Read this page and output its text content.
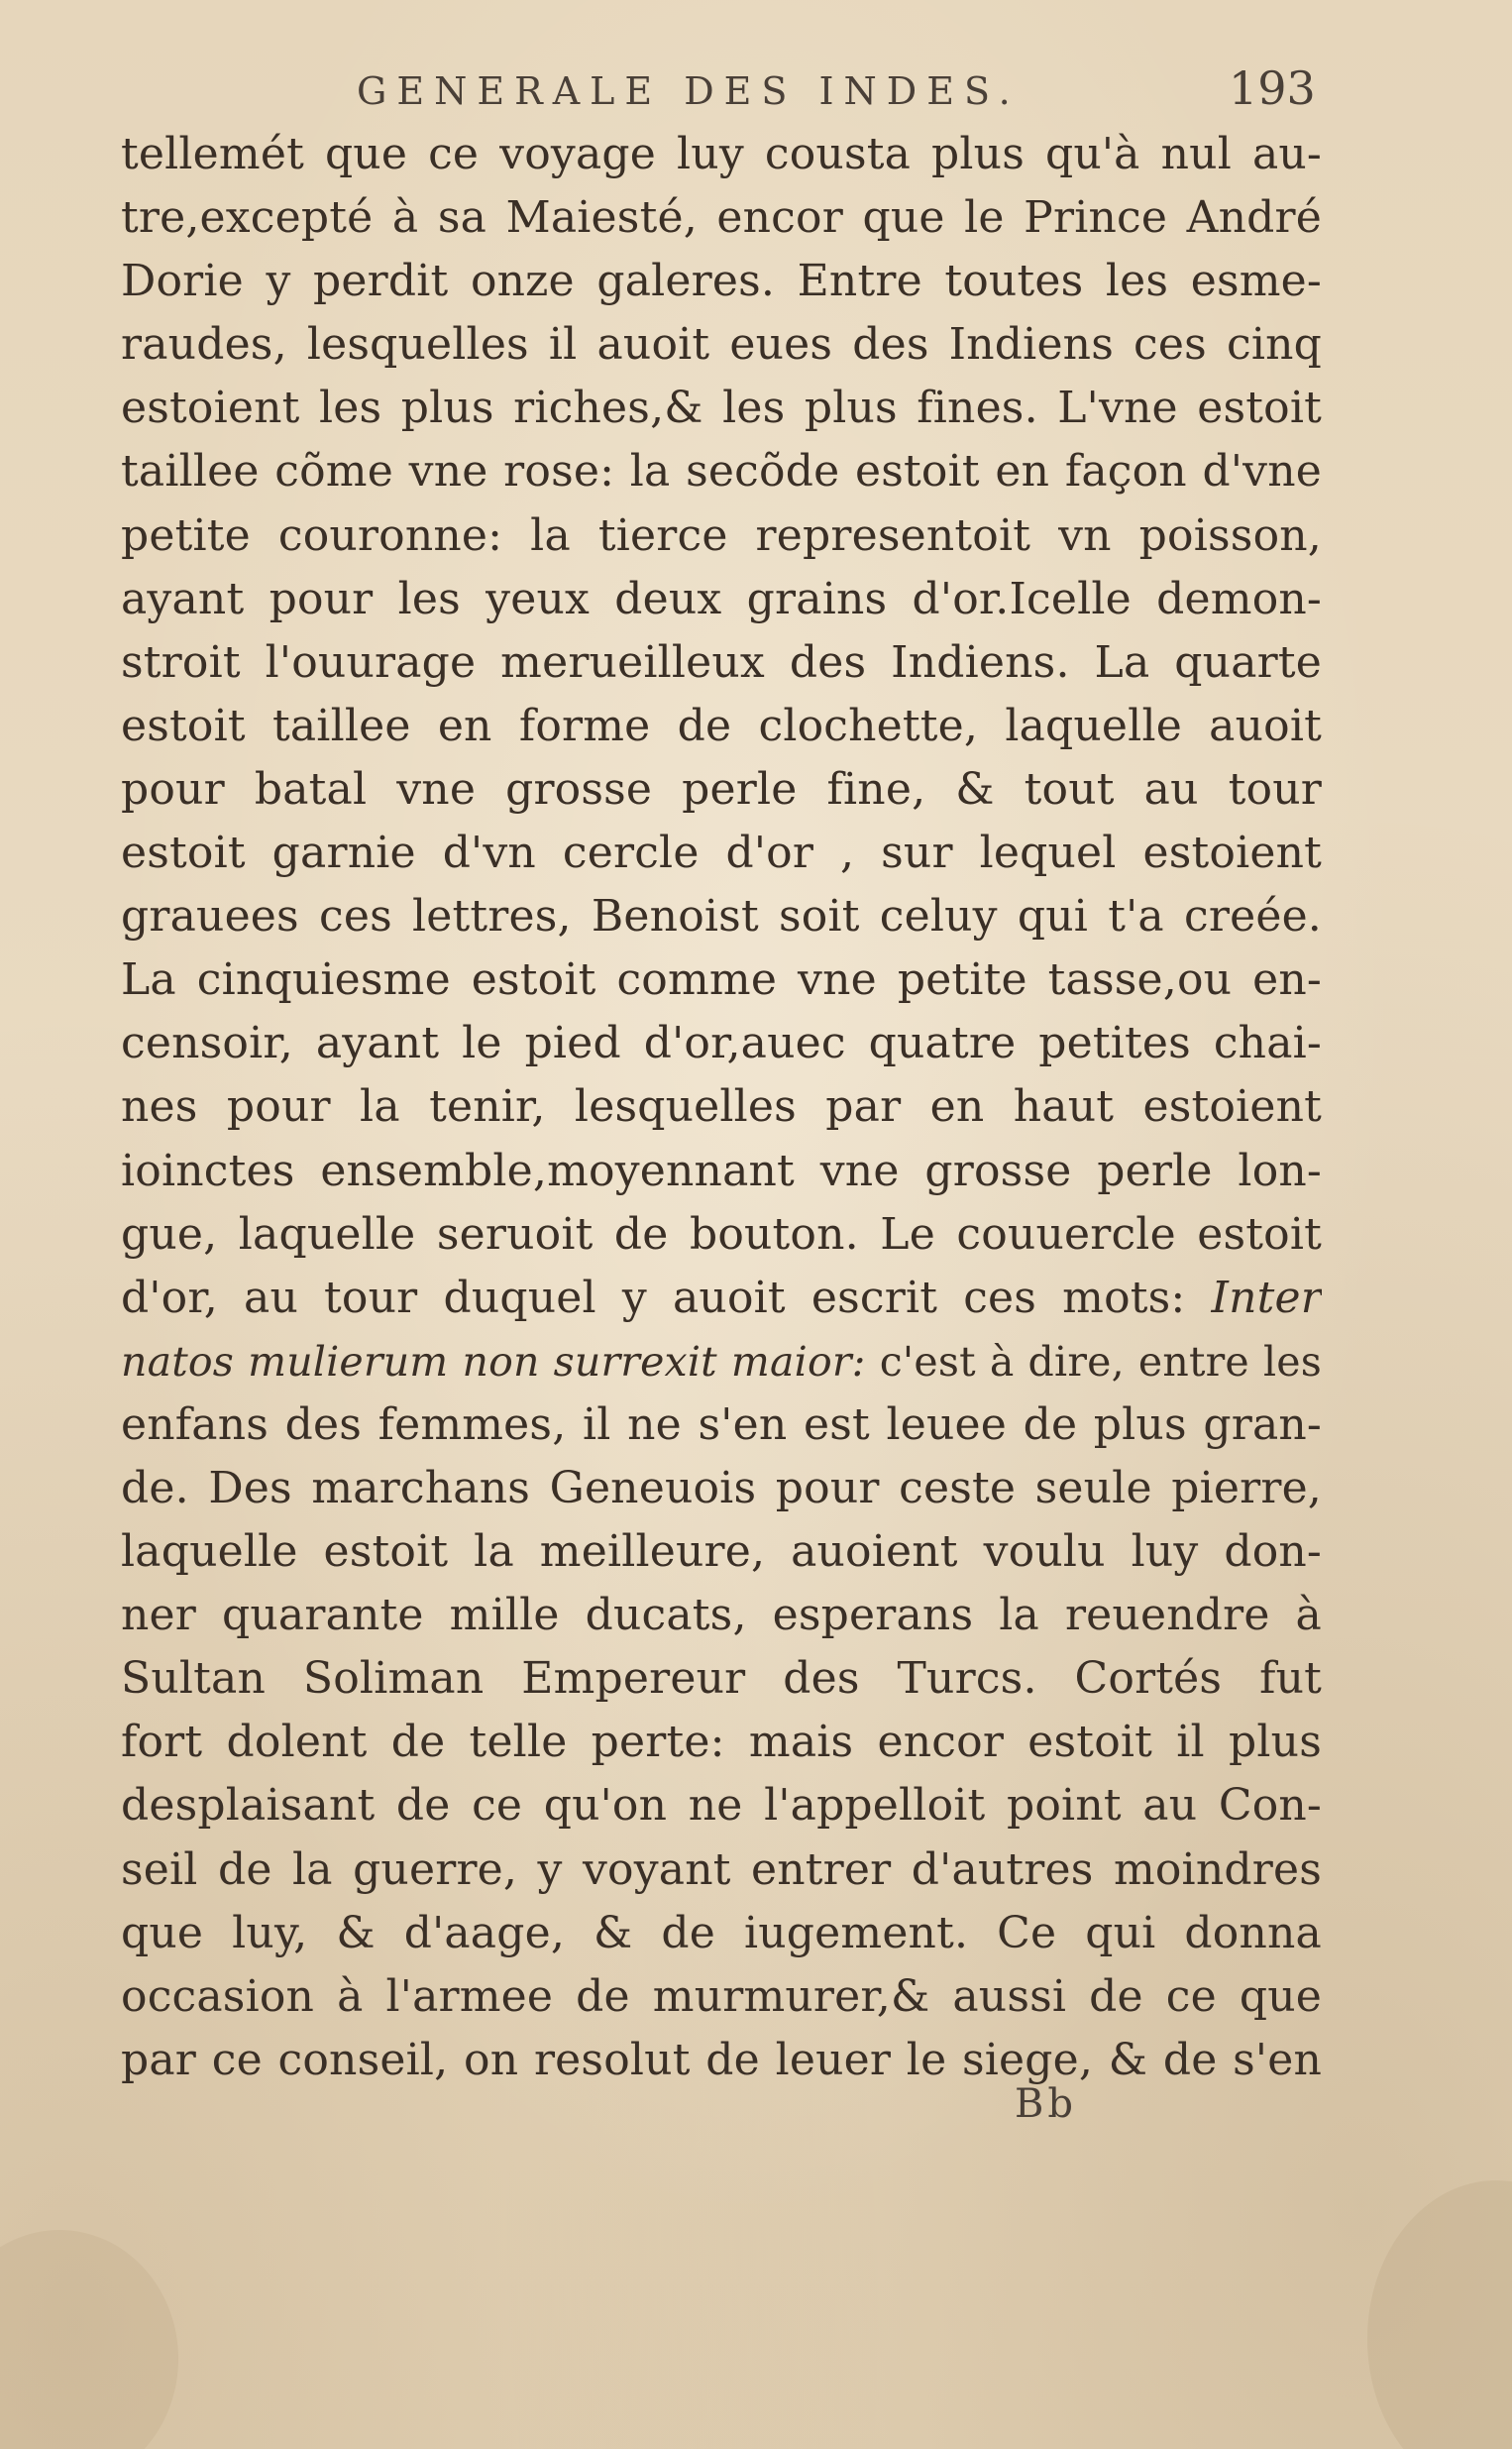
GENERALE DES INDES.	193
tellemét que ce voyage luy cousta plus qu'à nul au-
tre,excepté à sa Maiesté, encor que le Prince André
Dorie y perdit onze galeres. Entre toutes les esme-
raudes, lesquelles il auoit eues des Indiens ces cinq
estoient les plus riches,& les plus fines. L'vne estoit
taillee cõme vne rose: la secõde estoit en façon d'vne
petite couronne: la tierce representoit vn poisson,
ayant pour les yeux deux grains d'or.Icelle demon-
stroit l'ouurage merueilleux des Indiens. La quarte
estoit taillee en forme de clochette, laquelle auoit
pour batal vne grosse perle fine, & tout au tour
estoit garnie d'vn cercle d'or , sur lequel estoient
grauees ces lettres, Benoist soit celuy qui t'a creée.
La cinquiesme estoit comme vne petite tasse,ou en-
censoir, ayant le pied d'or,auec quatre petites chai-
nes pour la tenir, lesquelles par en haut estoient
ioinctes ensemble,moyennant vne grosse perle lon-
gue, laquelle seruoit de bouton. Le couuercle estoit
d'or, au tour duquel y auoit escrit ces mots: Inter
natos mulierum non surrexit maior: c'est à dire, entre les
enfans des femmes, il ne s'en est leuee de plus gran-
de. Des marchans Geneuois pour ceste seule pierre,
laquelle estoit la meilleure, auoient voulu luy don-
ner quarante mille ducats, esperans la reuendre à
Sultan Soliman Empereur des Turcs. Cortés fut
fort dolent de telle perte: mais encor estoit il plus
desplaisant de ce qu'on ne l'appelloit point au Con-
seil de la guerre, y voyant entrer d'autres moindres
que luy, & d'aage, & de iugement. Ce qui donna
occasion à l'armee de murmurer,& aussi de ce que
par ce conseil, on resolut de leuer le siege, & de s'en
Bb
